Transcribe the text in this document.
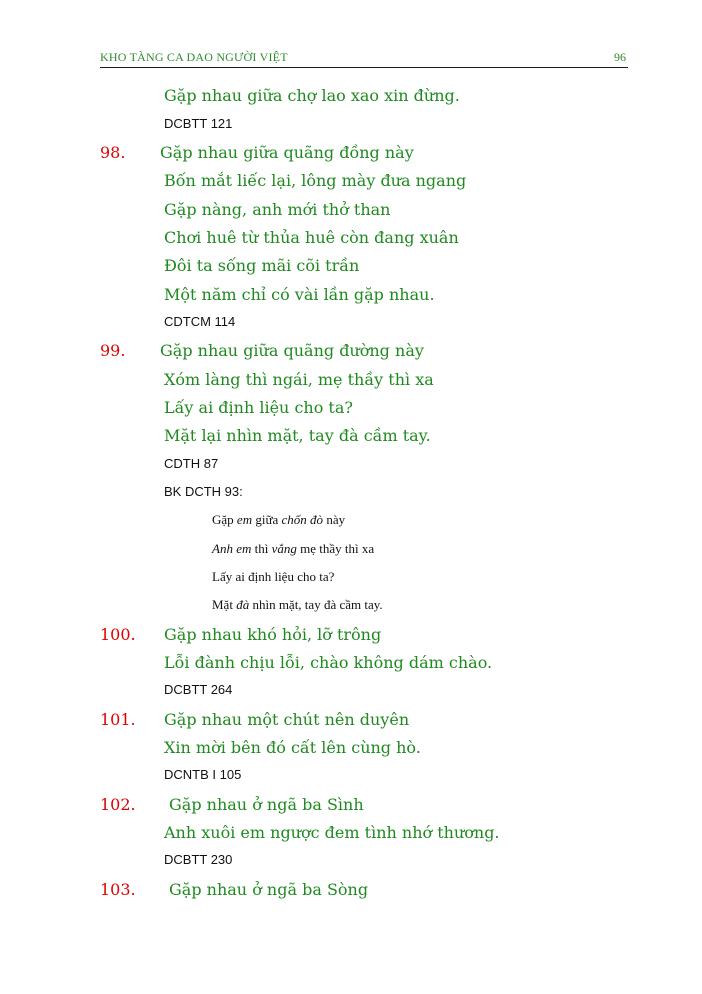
KHO TÀNG CA DAO NGƯỜI VIỆT	96
Gặp nhau giữa chợ lao xao xin đừng.
DCBTT 121
98. Gặp nhau giữa quãng đồng này
Bốn mắt liếc lại, lông mày đưa ngang
Gặp nàng, anh mới thở than
Chơi huê từ thủa huê còn đang xuân
Đôi ta sống mãi cõi trần
Một năm chỉ có vài lần gặp nhau.
CDTCM 114
99. Gặp nhau giữa quãng đường này
Xóm làng thì ngái, mẹ thầy thì xa
Lấy ai định liệu cho ta?
Mặt lại nhìn mặt, tay đà cầm tay.
CDTH 87
BK DCTH 93:
Gặp em giữa chốn đò này
Anh em thì vắng mẹ thầy thì xa
Lấy ai định liệu cho ta?
Mặt đà nhìn mặt, tay đà cầm tay.
100. Gặp nhau khó hỏi, lỡ trông
Lỗi đành chịu lỗi, chào không dám chào.
DCBTT 264
101. Gặp nhau một chút nên duyên
Xin mời bên đó cất lên cùng hò.
DCNTB I 105
102. Gặp nhau ở ngã ba Sình
Anh xuôi em ngược đem tình nhớ thương.
DCBTT 230
103. Gặp nhau ở ngã ba Sòng
